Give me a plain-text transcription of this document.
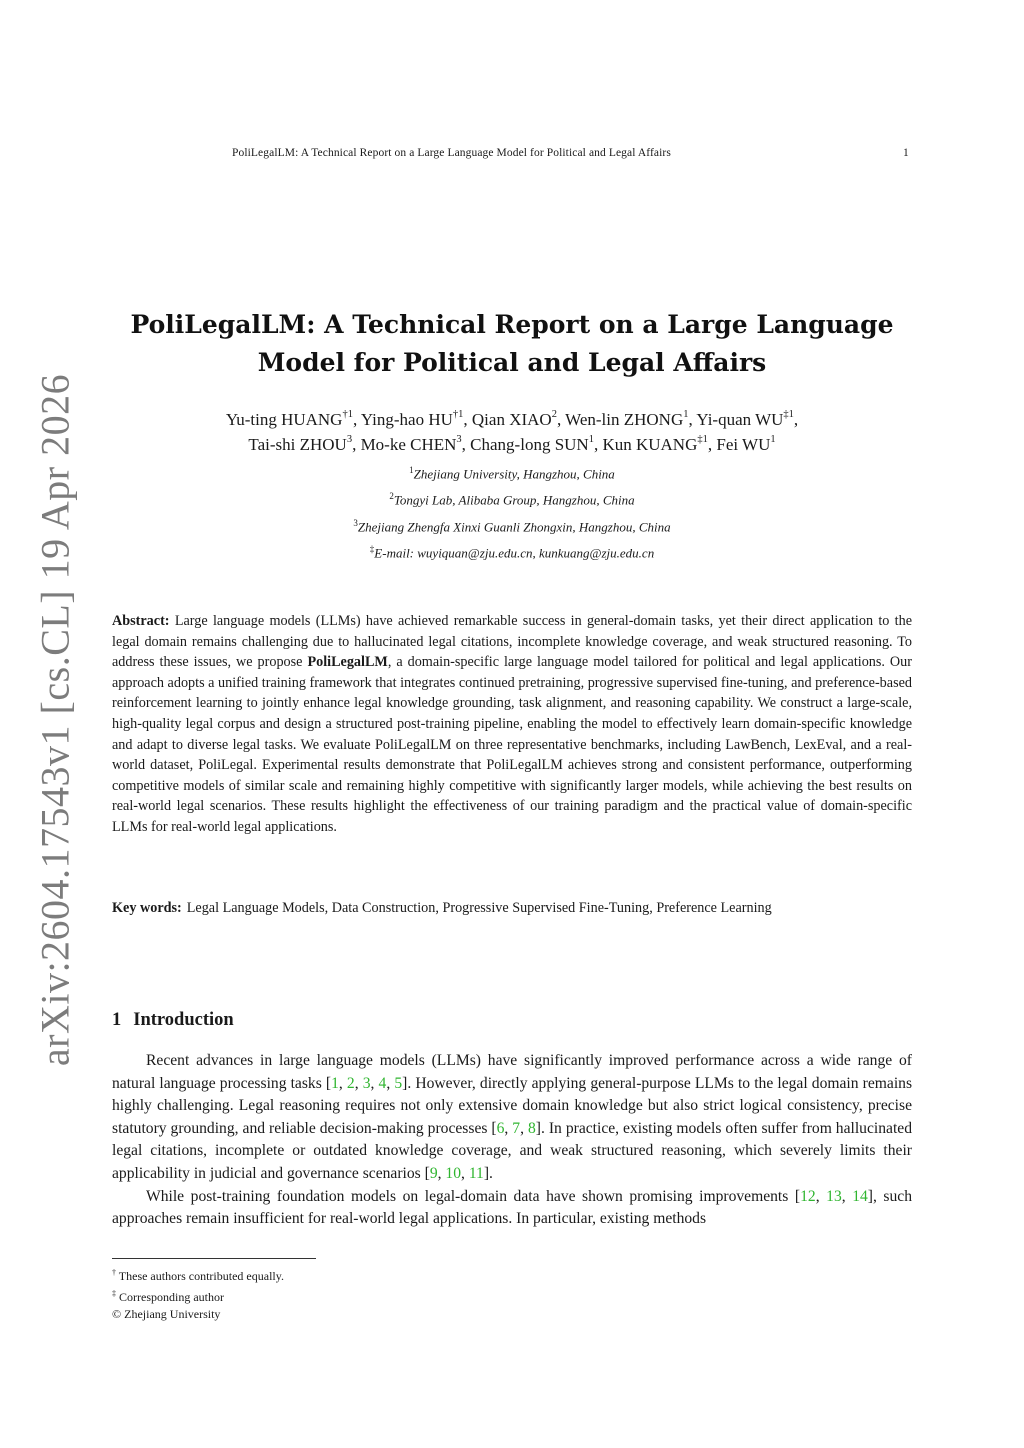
PoliLegalLM: A Technical Report on a Large Language Model for Political and Legal Affairs	1
arXiv:2604.17543v1 [cs.CL] 19 Apr 2026
PoliLegalLM: A Technical Report on a Large Language
Model for Political and Legal Affairs
Yu-ting HUANG$^{\dagger 1}$, Ying-hao HU$^{\dagger 1}$, Qian XIAO$^2$, Wen-lin ZHONG$^1$, Yi-quan WU$^{\ddagger 1}$,
Tai-shi ZHOU$^3$, Mo-ke CHEN$^3$, Chang-long SUN$^1$, Kun KUANG$^{\ddagger 1}$, Fei $WU^1$
$^1$Zhejiang University, Hangzhou, China
$^2$Tongyi Lab, Alibaba Group, Hangzhou, China
$^3$Zhejiang Zhengfa Xinxi Guanli Zhongxin, Hangzhou, China
‡E-mail: wuyiquan@zju.edu.cn, kunkuang@zju.edu.cn

Abstract: Large language models (LLMs) have achieved remarkable success in general-domain tasks, yet their direct application to the legal domain remains challenging due to hallucinated legal citations, incomplete knowledge coverage, and weak structured reasoning. To address these issues, we propose PoliLegalLM, a domain-specific large language model tailored for political and legal applications. Our approach adopts a unified training framework that integrates continued pretraining, progressive supervised fine-tuning, and preference-based reinforcement learning to jointly enhance legal knowledge grounding, task alignment, and reasoning capability. We construct a large-scale, high-quality legal corpus and design a structured post-training pipeline, enabling the model to effectively learn domain-specific knowledge and adapt to diverse legal tasks. We evaluate PoliLegalLM on three representative benchmarks, including LawBench, LexEval, and a real-world dataset, PoliLegal. Experimental results demonstrate that PoliLegalLM achieves strong and consistent performance, outperforming competitive models of similar scale and remaining highly competitive with significantly larger models, while achieving the best results on real-world legal scenarios. These results highlight the effectiveness of our training paradigm and the practical value of domain-specific LLMs for real-world legal applications.

Key words: Legal Language Models, Data Construction, Progressive Supervised Fine-Tuning, Preference Learning
1 Introduction

Recent advances in large language models (LLMs) have significantly improved performance across a wide range of natural language processing tasks [1, 2, 3, 4, 5]. However, directly applying general-purpose LLMs to the legal domain remains highly challenging. Legal reasoning requires not only extensive domain knowledge but also strict logical consistency, precise statutory grounding, and reliable decision-making processes [6, 7, 8]. In practice, existing models often suffer from hallucinated legal citations, incomplete or outdated knowledge coverage, and weak structured reasoning, which severely limits their applicability in judicial and governance scenarios [9, 10, 11].

While post-training foundation models on legal-domain data have shown promising improvements [12, 13, 14], such approaches remain insufficient for real-world legal applications. In particular, existing methods

† These authors contributed equally.
‡ Corresponding author
© Zhejiang University
